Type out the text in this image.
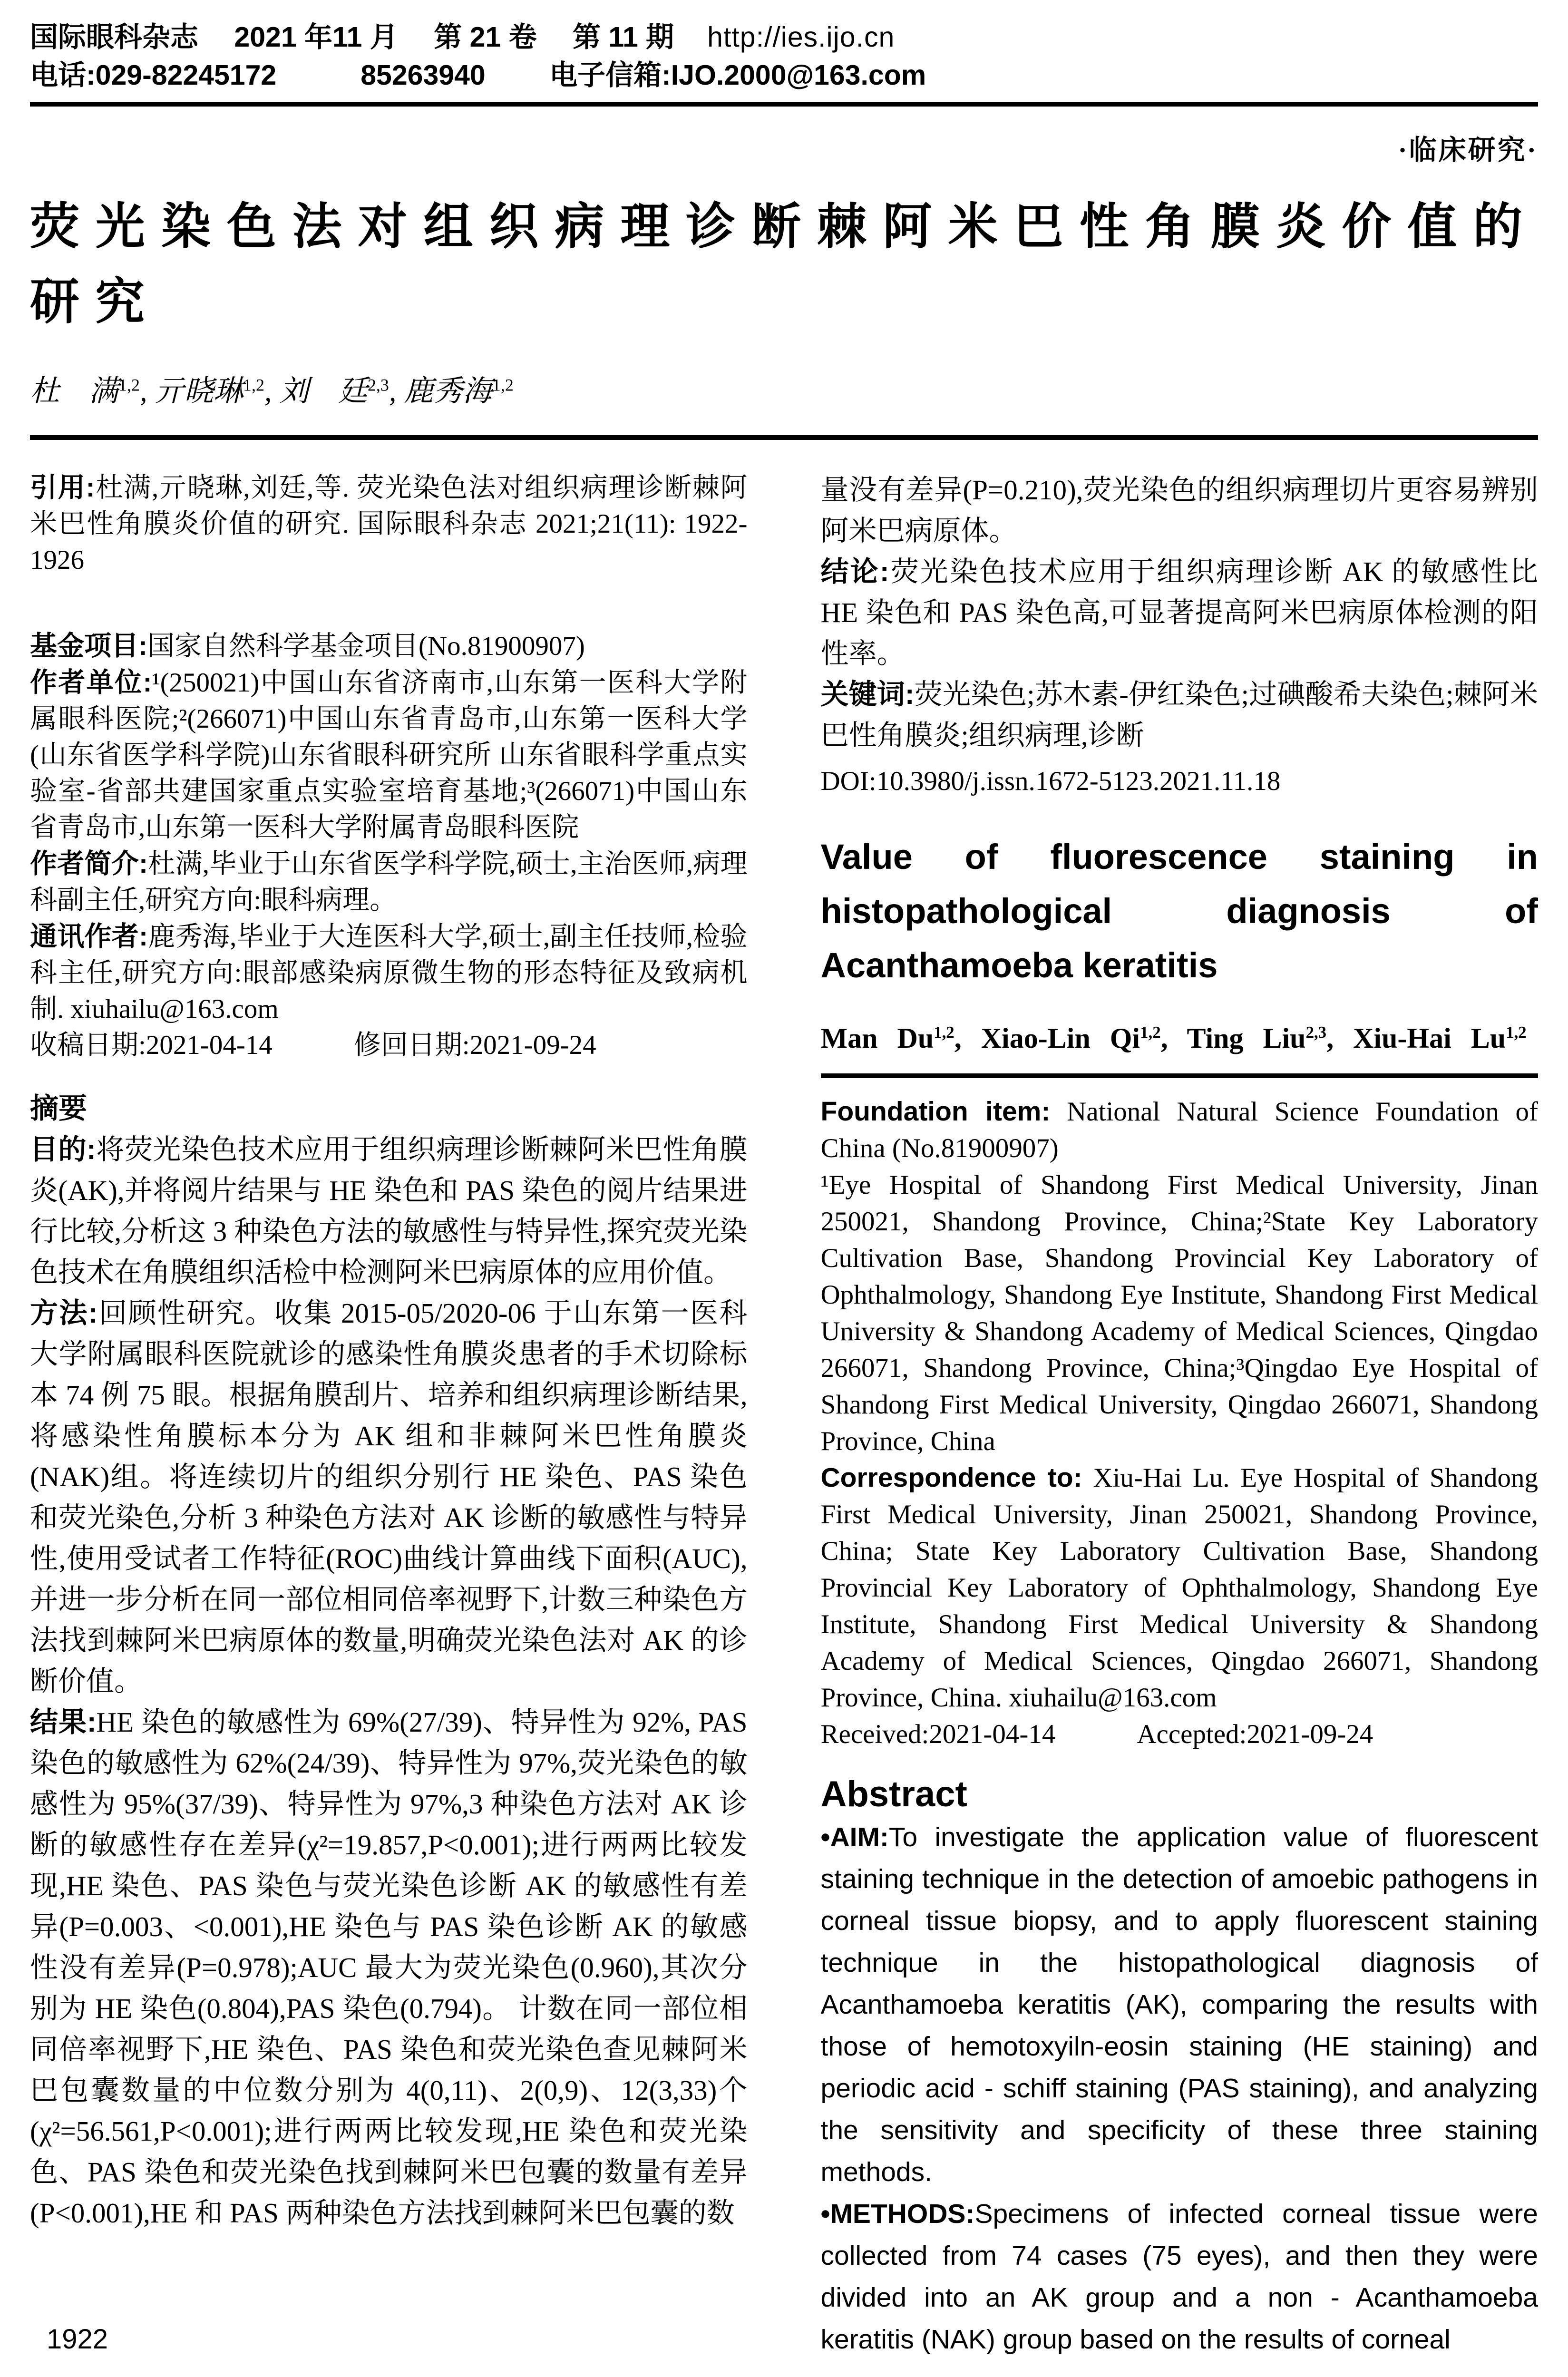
国际眼科杂志　 2021 年11 月　 第 21 卷　 第 11 期 http://ies.ijo.cn
电话:029-82245172　　　85263940　　 电子信箱:IJO.2000@163.com
·临床研究·
荧光染色法对组织病理诊断棘阿米巴性角膜炎价值的研究
杜　满$^{1,2}$, 亓晓琳$^{1,2}$, 刘　廷$^{2,3}$, 鹿秀海$^{1,2}$

引用:杜满,亓晓琳,刘廷,等. 荧光染色法对组织病理诊断棘阿米巴性角膜炎价值的研究. 国际眼科杂志 2021;21(11): 1922-1926

基金项目:国家自然科学基金项目(No.81900907)

作者单位:¹(250021)中国山东省济南市,山东第一医科大学附属眼科医院;²(266071)中国山东省青岛市,山东第一医科大学(山东省医学科学院)山东省眼科研究所 山东省眼科学重点实验室-省部共建国家重点实验室培育基地;³(266071)中国山东省青岛市,山东第一医科大学附属青岛眼科医院

作者简介:杜满,毕业于山东省医学科学院,硕士,主治医师,病理科副主任,研究方向:眼科病理。

通讯作者:鹿秀海,毕业于大连医科大学,硕士,副主任技师,检验科主任,研究方向:眼部感染病原微生物的形态特征及致病机制. xiuhailu@163.com

收稿日期:2021-04-14　　　修回日期:2021-09-24

摘要

目的:将荧光染色技术应用于组织病理诊断棘阿米巴性角膜炎(AK),并将阅片结果与 HE 染色和 PAS 染色的阅片结果进行比较,分析这 3 种染色方法的敏感性与特异性,探究荧光染色技术在角膜组织活检中检测阿米巴病原体的应用价值。

方法:回顾性研究。收集 2015-05/2020-06 于山东第一医科大学附属眼科医院就诊的感染性角膜炎患者的手术切除标本 74 例 75 眼。根据角膜刮片、培养和组织病理诊断结果,将感染性角膜标本分为 AK 组和非棘阿米巴性角膜炎(NAK)组。将连续切片的组织分别行 HE 染色、PAS 染色和荧光染色,分析 3 种染色方法对 AK 诊断的敏感性与特异性,使用受试者工作特征(ROC)曲线计算曲线下面积(AUC),并进一步分析在同一部位相同倍率视野下,计数三种染色方法找到棘阿米巴病原体的数量,明确荧光染色法对 AK 的诊断价值。

结果:HE 染色的敏感性为 69%(27/39)、特异性为 92%, PAS 染色的敏感性为 62%(24/39)、特异性为 97%,荧光染色的敏感性为 95%(37/39)、特异性为 97%,3 种染色方法对 AK 诊断的敏感性存在差异(χ²=19.857,P<0.001);进行两两比较发现,HE 染色、PAS 染色与荧光染色诊断 AK 的敏感性有差异(P=0.003、<0.001),HE 染色与 PAS 染色诊断 AK 的敏感性没有差异(P=0.978);AUC 最大为荧光染色(0.960),其次分别为 HE 染色(0.804),PAS 染色(0.794)。 计数在同一部位相同倍率视野下,HE 染色、PAS 染色和荧光染色查见棘阿米巴包囊数量的中位数分别为 4(0,11)、2(0,9)、12(3,33)个(χ²=56.561,P<0.001);进行两两比较发现,HE 染色和荧光染色、PAS 染色和荧光染色找到棘阿米巴包囊的数量有差异(P<0.001),HE 和 PAS 两种染色方法找到棘阿米巴包囊的数

量没有差异(P=0.210),荧光染色的组织病理切片更容易辨别阿米巴病原体。

结论:荧光染色技术应用于组织病理诊断 AK 的敏感性比 HE 染色和 PAS 染色高,可显著提高阿米巴病原体检测的阳性率。

关键词:荧光染色;苏木素-伊红染色;过碘酸希夫染色;棘阿米巴性角膜炎;组织病理,诊断

DOI:10.3980/j.issn.1672-5123.2021.11.18

Value of fluorescence staining in histopathological diagnosis of Acanthamoeba keratitis
Man Du$^{1,2}$, Xiao-Lin Qi$^{1,2}$, Ting Liu$^{2,3}$, Xiu-Hai Lu$^{1,2}$

Foundation item: National Natural Science Foundation of China (No.81900907)

¹Eye Hospital of Shandong First Medical University, Jinan 250021, Shandong Province, China;²State Key Laboratory Cultivation Base, Shandong Provincial Key Laboratory of Ophthalmology, Shandong Eye Institute, Shandong First Medical University & Shandong Academy of Medical Sciences, Qingdao 266071, Shandong Province, China;³Qingdao Eye Hospital of Shandong First Medical University, Qingdao 266071, Shandong Province, China

Correspondence to: Xiu-Hai Lu. Eye Hospital of Shandong First Medical University, Jinan 250021, Shandong Province, China; State Key Laboratory Cultivation Base, Shandong Provincial Key Laboratory of Ophthalmology, Shandong Eye Institute, Shandong First Medical University & Shandong Academy of Medical Sciences, Qingdao 266071, Shandong Province, China. xiuhailu@163.com

Received:2021-04-14　　　Accepted:2021-09-24

Abstract

•AIM:To investigate the application value of fluorescent staining technique in the detection of amoebic pathogens in corneal tissue biopsy, and to apply fluorescent staining technique in the histopathological diagnosis of Acanthamoeba keratitis (AK), comparing the results with those of hemotoxyiln-eosin staining (HE staining) and periodic acid - schiff staining (PAS staining), and analyzing the sensitivity and specificity of these three staining methods.

•METHODS:Specimens of infected corneal tissue were collected from 74 cases (75 eyes), and then they were divided into an AK group and a non - Acanthamoeba keratitis (NAK) group based on the results of corneal

1922
